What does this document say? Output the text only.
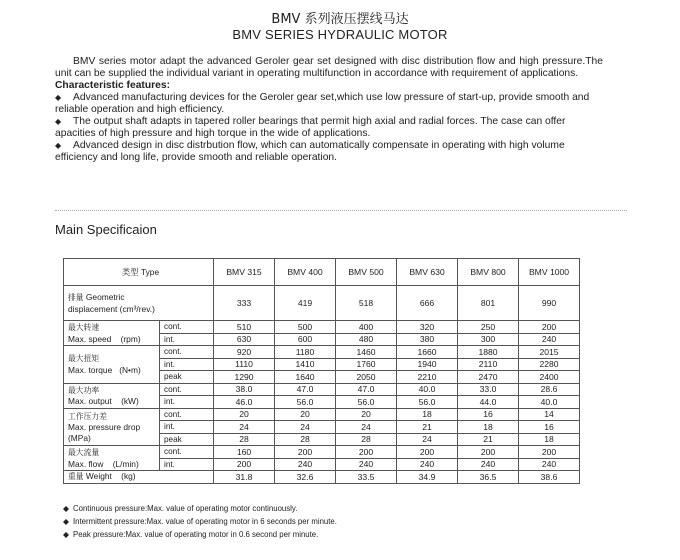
BMV 系列液压摆线马达
BMV SERIES HYDRAULIC MOTOR

BMV series motor adapt the advanced Geroler gear set designed with disc distribution flow and high pressure.The unit can be supplied the individual variant in operating multifunction in accordance with requirement of applications.

Characteristic features:

◆ Advanced manufacturing devices for the Geroler gear set,which use low pressure of start-up, provide smooth and reliable operation and high efficiency.

◆ The output shaft adapts in tapered roller bearings that permit high axial and radial forces. The case can offer apacities of high pressure and high torque in the wide of applications.

◆ Advanced design in disc distrbution flow, which can automatically compensate in operating with high volume efficiency and long life, provide smooth and reliable operation.

Main Specificaion
类型 Type		BMV 315	BMV 400	BMV 500	BMV 630	BMV 800	BMV 1000
排量 Geometric
displacement (cm³/rev.)		333	419	518	666	801	990
最大转速
Max. speed (rpm)	cont.	510	500	400	320	250	200
	int.	630	600	480	380	300	240
最大扭矩
Max. torque (N•m)	cont.	920	1180	1460	1660	1880	2015
	int.	1110	1410	1760	1940	2110	2280
	peak	1290	1640	2050	2210	2470	2400
最大功率
Max. output (kW)	cont.	38.0	47.0	47.0	40.0	33.0	28.6
	int.	46.0	56.0	56.0	56.0	44.0	40.0
工作压力差
Max. pressure drop
(MPa)	cont.	20	20	20	18	16	14
	int.	24	24	24	21	18	16
	peak	28	28	28	24	21	18
最大流量
Max. flow (L/min)	cont.	160	200	200	200	200	200
	int.	200	240	240	240	240	240
重量 Weight (kg)		31.8	32.6	33.5	34.9	36.5	38.6
◆ Continuous pressure:Max. value of operating motor continuously.
◆ Intermittent pressure:Max. value of operating motor in 6 seconds per minute.
◆ Peak pressure:Max. value of operating motor in 0.6 second per minute.
